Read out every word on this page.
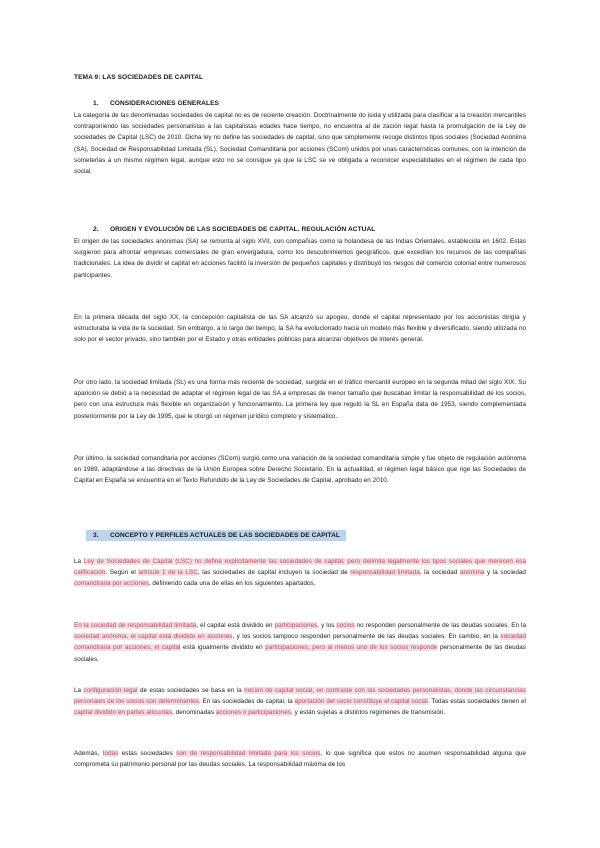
TEMA 9: LAS SOCIEDADES DE CAPITAL
1. CONSIDERACIONES GENERALES
La categoría de las denominadas sociedades de capital no es de reciente creación. Doctrinalmente do isida y utilizada para clasificar a la creación mercantiles contraponiendo las sociedades personalistas a las capitalistas edades hace tiempo, no encuentra al de zación legal hasta la promulgación de la Ley de sociedades de Capital (LSC) de 2010. Dicha ley no define las sociedades de capital, sino que simplemente recoge distintos tipos sociales (Sociedad Anónima (SA), Sociedad de Responsabilidad Limitada (SL), Sociedad Comanditaria por acciones (SCom) unidos por unas características comunes, con la intención de someterlas a un mismo régimen legal, aunque esto no se consigue ya que la LSC se ve obligada a reconocer especialidades en el régimen de cada tipo social.
2. ORIGEN Y EVOLUCIÓN DE LAS SOCIEDADES DE CAPITAL. REGULACIÓN ACTUAL
El origen de las sociedades anónimas (SA) se remonta al siglo XVII, con compañías como la holandesa de las Indias Orientales, establecida en 1602. Estas surgieron para afrontar empresas comerciales de gran envergadura, como los descubrimientos geográficos, que excedían los recursos de las compañías tradicionales. La idea de dividir el capital en acciones facilitó la inversión de pequeños capitales y distribuyó los riesgos del comercio colonial entre numerosos participantes.
En la primera década del siglo XX, la concepción capitalista de las SA alcanzó su apogeo, donde el capital representado por los accionistas dirigía y estructuraba la vida de la sociedad. Sin embargo, a lo largo del tiempo, la SA ha evolucionado hacia un modelo más flexible y diversificado, siendo utilizada no solo por el sector privado, sino también por el Estado y otras entidades públicas para alcanzar objetivos de interés general.
Por otro lado, la sociedad limitada (SL) es una forma más reciente de sociedad, surgida en el tráfico mercantil europeo en la segunda mitad del siglo XIX. Su aparición se debió a la necesidad de adaptar el régimen legal de las SA a empresas de menor tamaño que buscaban limitar la responsabilidad de los socios, pero con una estructura más flexible en organización y funcionamiento. La primera ley que reguló la SL en España data de 1953, siendo complementada posteriormente por la Ley de 1995, que le otorgó un régimen jurídico completo y sistemático.
Por último, la sociedad comanditaria por acciones (SCom) surgió como una variación de la sociedad comanditaria simple y fue objeto de regulación autónoma en 1989, adaptándose a las directivas de la Unión Europea sobre Derecho Societario. En la actualidad, el régimen legal básico que rige las Sociedades de Capital en España se encuentra en el Texto Refundido de la Ley de Sociedades de Capital, aprobado en 2010.
3. CONCEPTO Y PERFILES ACTUALES DE LAS SOCIEDADES DE CAPITAL
La Ley de Sociedades de Capital (LSC) no define explícitamente las sociedades de capital, pero delimita legalmente los tipos sociales que merecen esa calificación. Según el artículo 1 de la LSC, las sociedades de capital incluyen la sociedad de responsabilidad limitada, la sociedad anónima y la sociedad comanditaria por acciones, definiendo cada una de ellas en los siguientes apartados.
En la sociedad de responsabilidad limitada, el capital está dividido en participaciones, y los socios no responden personalmente de las deudas sociales. En la sociedad anónima, el capital está dividido en acciones, y los socios tampoco responden personalmente de las deudas sociales. En cambio, en la sociedad comanditaria por acciones, el capital está igualmente dividido en participaciones, pero al menos uno de los socios responde personalmente de las deudas sociales.
La configuración legal de estas sociedades se basa en la noción de capital social, en contraste con las sociedades personalistas, donde las circunstancias personales de los socios son determinantes. En las sociedades de capital, la aportación del socio constituye el capital social. Todas estas sociedades tienen el capital dividido en partes alícuotas, denominadas acciones o participaciones, y están sujetas a distintos regímenes de transmisión.
Además, todas estas sociedades son de responsabilidad limitada para los socios, lo que significa que estos no asumen responsabilidad alguna que comprometa su patrimonio personal por las deudas sociales. La responsabilidad máxima de los
